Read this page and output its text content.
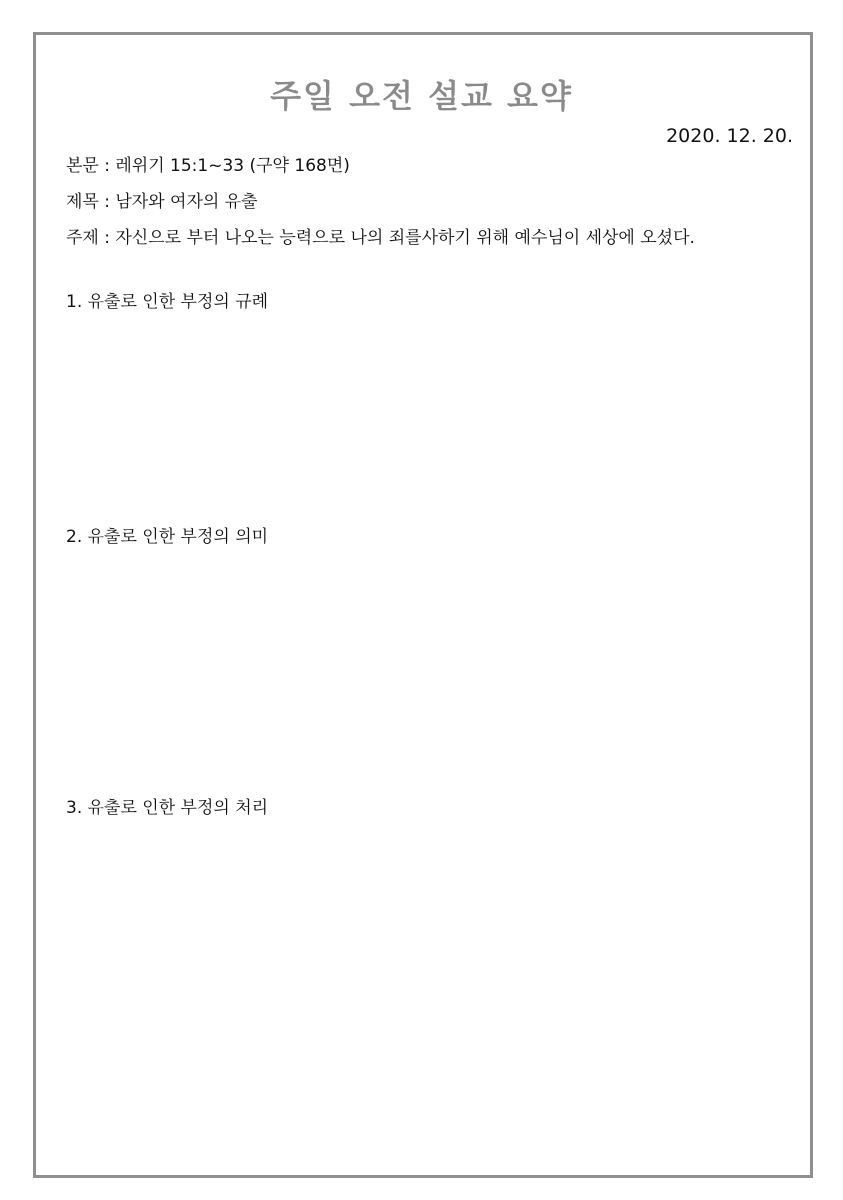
주일 오전 설교 요약
2020. 12. 20.
본문 : 레위기 15:1~33 (구약 168면)
제목 : 남자와 여자의 유출
주제 : 자신으로 부터 나오는 능력으로 나의 죄를사하기 위해 예수님이 세상에 오셨다.
1. 유출로 인한 부정의 규례
2. 유출로 인한 부정의 의미
3. 유출로 인한 부정의 처리
